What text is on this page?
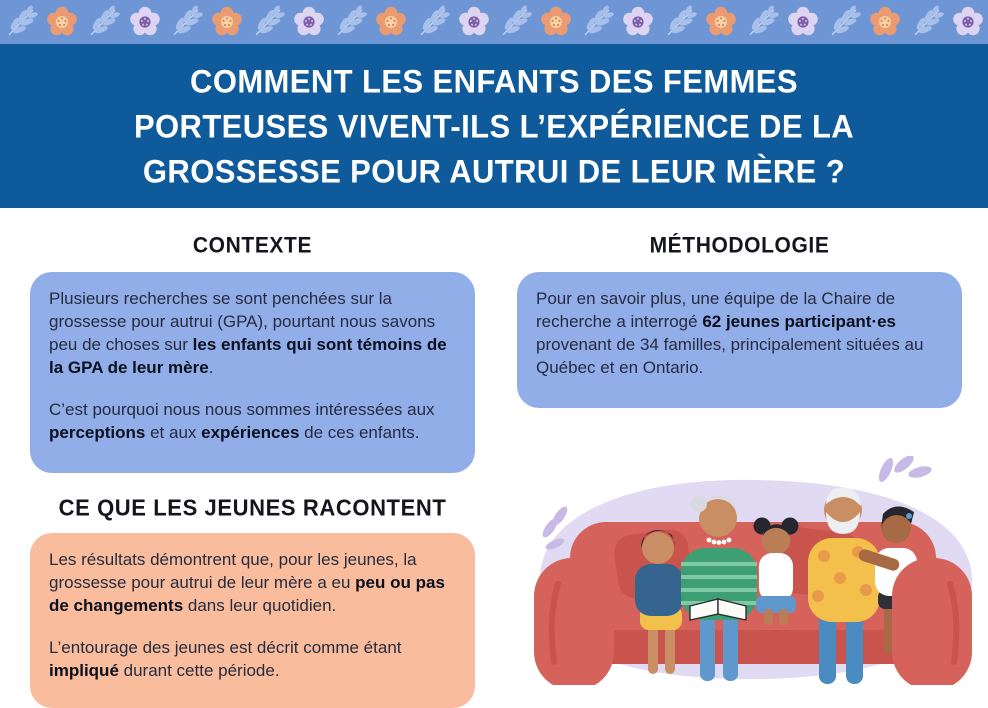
COMMENT LES ENFANTS DES FEMMES
PORTEUSES VIVENT-ILS L’EXPÉRIENCE DE LA
GROSSESSE POUR AUTRUI DE LEUR MÈRE ?
CONTEXTE	MÉTHODOLOGIE
CE QUE LES JEUNES RACONTENT

Plusieurs recherches se sont penchées sur la grossesse pour autrui (GPA), pourtant nous savons peu de choses sur les enfants qui sont témoins de la GPA de leur mère.

C’est pourquoi nous nous sommes intéressées aux perceptions et aux expériences de ces enfants.

Pour en savoir plus, une équipe de la Chaire de recherche a interrogé 62 jeunes participant·es provenant de 34 familles, principalement situées au Québec et en Ontario.

Les résultats démontrent que, pour les jeunes, la grossesse pour autrui de leur mère a eu peu ou pas de changements dans leur quotidien.

L’entourage des jeunes est décrit comme étant impliqué durant cette période.
